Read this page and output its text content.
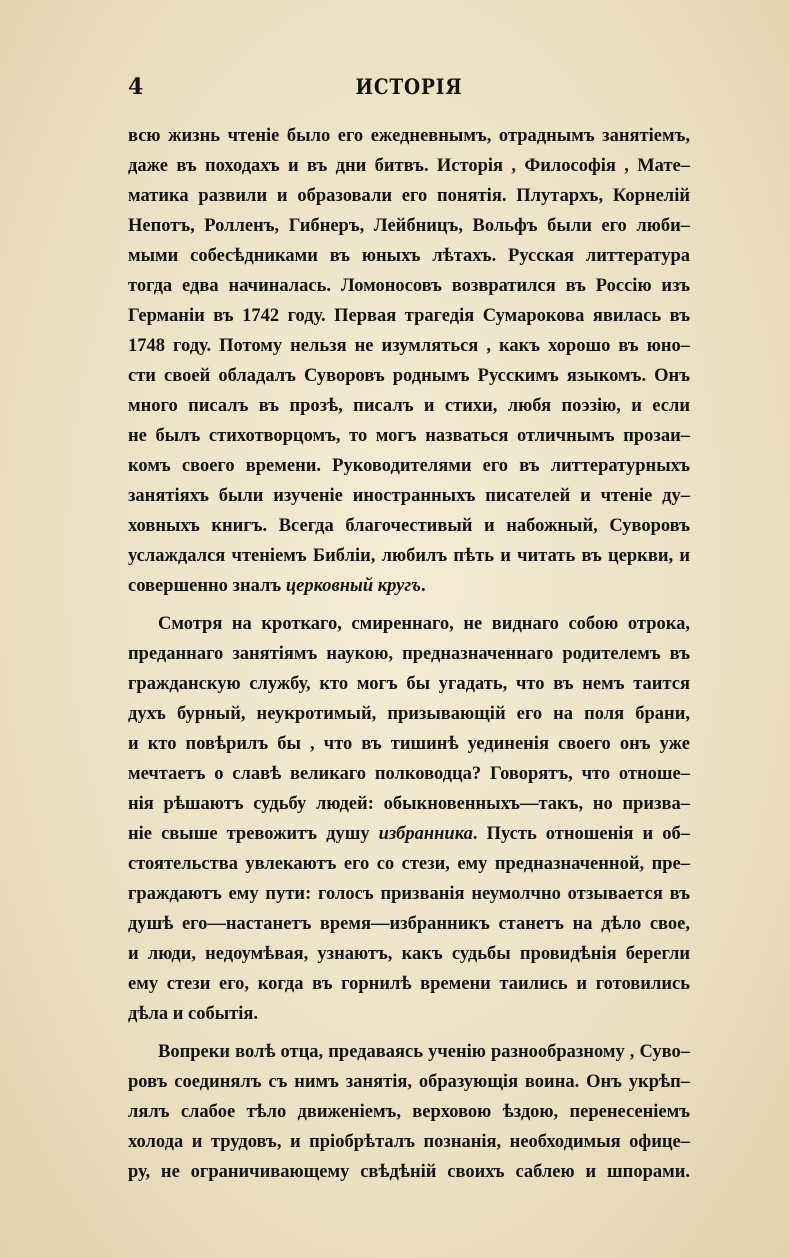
4	ИСТОРІЯ
всю жизнь чтеніе было его ежедневнымъ, отраднымъ занятіемъ,
даже въ походахъ и въ дни битвъ. Исторія , Философія , Мате–
матика развили и образовали его понятія. Плутархъ, Корнелій
Непотъ, Ролленъ, Гибнеръ, Лейбницъ, Вольфъ были его люби–
мыми собесѣдниками въ юныхъ лѣтахъ. Русская литтература
тогда едва начиналась. Ломоносовъ возвратился въ Россію изъ
Германіи въ 1742 году. Первая трагедія Сумарокова явилась въ
1748 году. Потому нельзя не изумляться , какъ хорошо въ юно–
сти своей обладалъ Суворовъ роднымъ Русскимъ языкомъ. Онъ
много писалъ въ прозѣ, писалъ и стихи, любя поэзію, и если
не былъ стихотворцомъ, то могъ назваться отличнымъ прозаи–
комъ своего времени. Руководителями его въ литтературныхъ
занятіяхъ были изученіе иностранныхъ писателей и чтеніе ду–
ховныхъ книгъ. Всегда благочестивый и набожный, Суворовъ
услаждался чтеніемъ Библіи, любилъ пѣть и читать въ церкви, и
совершенно зналъ церковный кругъ.
Смотря на кроткаго, смиреннаго, не виднаго собою отрока,
преданнаго занятіямъ наукою, предназначеннаго родителемъ въ
гражданскую службу, кто могъ бы угадать, что въ немъ таится
духъ бурный, неукротимый, призывающій его на поля брани,
и кто повѣрилъ бы , что въ тишинѣ уединенія своего онъ уже
мечтаетъ о славѣ великаго полководца? Говорятъ, что отноше–
нія рѣшаютъ судьбу людей: обыкновенныхъ—такъ, но призва–
ніе свыше тревожитъ душу избранника. Пусть отношенія и об–
стоятельства увлекаютъ его со стези, ему предназначенной, пре–
граждаютъ ему пути: голосъ призванія неумолчно отзывается въ
душѣ его—настанетъ время—избранникъ станетъ на дѣло свое,
и люди, недоумѣвая, узнаютъ, какъ судьбы провидѣнія берегли
ему стези его, когда въ горнилѣ времени таились и готовились
дѣла и событія.
Вопреки волѣ отца, предаваясь ученію разнообразному , Суво–
ровъ соединялъ съ нимъ занятія, образующія воина. Онъ укрѣп–
лялъ слабое тѣло движеніемъ, верховою ѣздою, перенесеніемъ
холода и трудовъ, и пріобрѣталъ познанія, необходимыя офице–
ру, не ограничивающему свѣдѣній своихъ саблею и шпорами.
